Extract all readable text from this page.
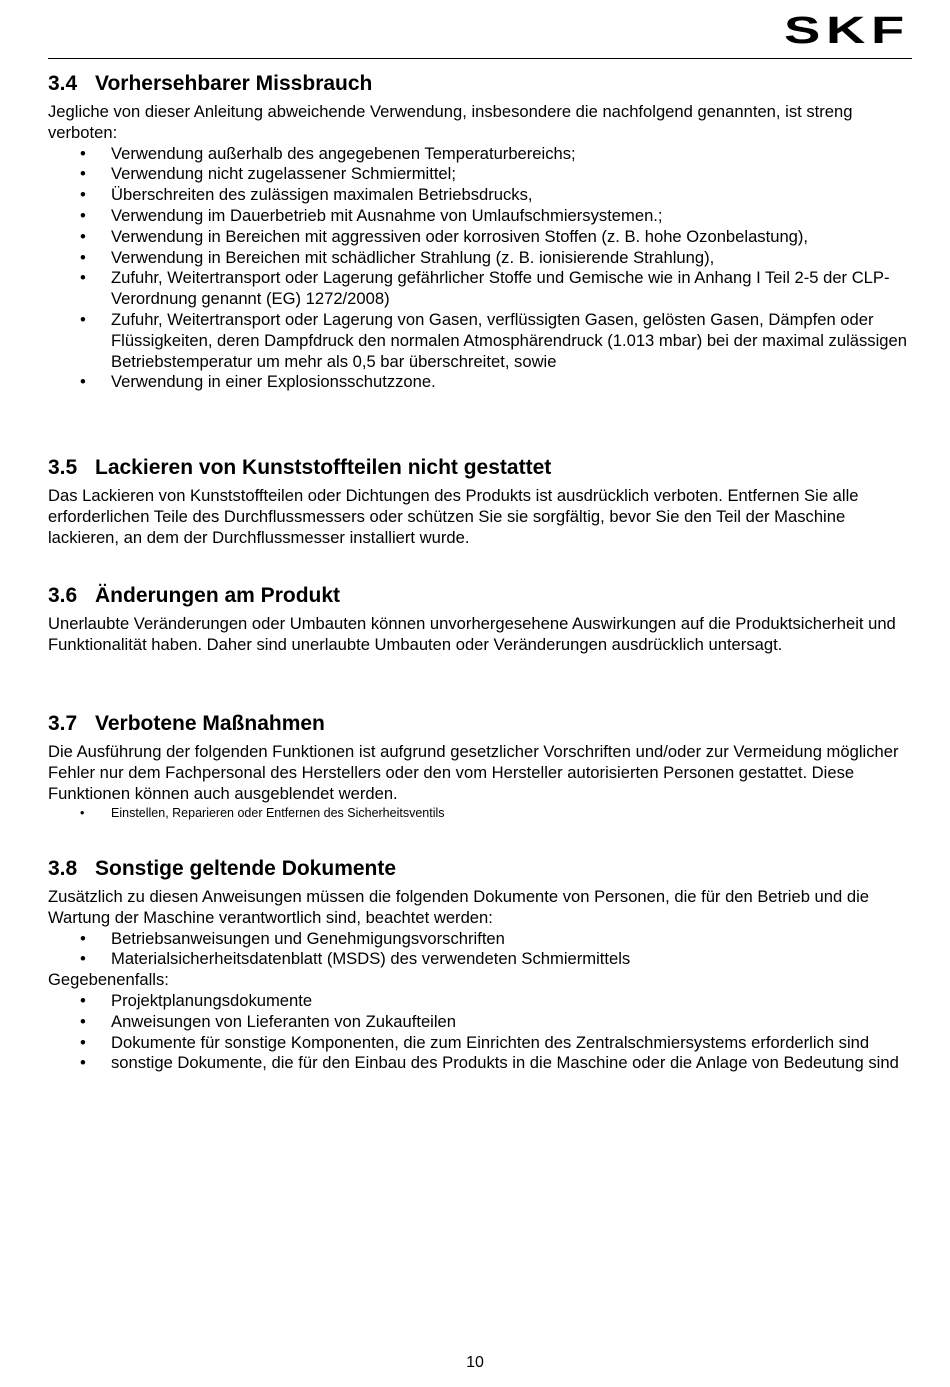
SKF
3.4 Vorhersehbarer Missbrauch

Jegliche von dieser Anleitung abweichende Verwendung, insbesondere die nachfolgend genannten, ist streng verboten:

• Verwendung außerhalb des angegebenen Temperaturbereichs;
• Verwendung nicht zugelassener Schmiermittel;
• Überschreiten des zulässigen maximalen Betriebsdrucks,
• Verwendung im Dauerbetrieb mit Ausnahme von Umlaufschmiersystemen.;
• Verwendung in Bereichen mit aggressiven oder korrosiven Stoffen (z. B. hohe Ozonbelastung),
• Verwendung in Bereichen mit schädlicher Strahlung (z. B. ionisierende Strahlung),
• Zufuhr, Weitertransport oder Lagerung gefährlicher Stoffe und Gemische wie in Anhang I Teil 2-5 der CLP-Verordnung genannt (EG) 1272/2008)
• Zufuhr, Weitertransport oder Lagerung von Gasen, verflüssigten Gasen, gelösten Gasen, Dämpfen oder Flüssigkeiten, deren Dampfdruck den normalen Atmosphärendruck (1.013 mbar) bei der maximal zulässigen Betriebstemperatur um mehr als 0,5 bar überschreitet, sowie
• Verwendung in einer Explosionsschutzzone.
3.5 Lackieren von Kunststoffteilen nicht gestattet

Das Lackieren von Kunststoffteilen oder Dichtungen des Produkts ist ausdrücklich verboten. Entfernen Sie alle erforderlichen Teile des Durchflussmessers oder schützen Sie sie sorgfältig, bevor Sie den Teil der Maschine lackieren, an dem der Durchflussmesser installiert wurde.

3.6 Änderungen am Produkt

Unerlaubte Veränderungen oder Umbauten können unvorhergesehene Auswirkungen auf die Produktsicherheit und Funktionalität haben. Daher sind unerlaubte Umbauten oder Veränderungen ausdrücklich untersagt.

3.7 Verbotene Maßnahmen

Die Ausführung der folgenden Funktionen ist aufgrund gesetzlicher Vorschriften und/oder zur Vermeidung möglicher Fehler nur dem Fachpersonal des Herstellers oder den vom Hersteller autorisierten Personen gestattet. Diese Funktionen können auch ausgeblendet werden.

• Einstellen, Reparieren oder Entfernen des Sicherheitsventils
3.8 Sonstige geltende Dokumente

Zusätzlich zu diesen Anweisungen müssen die folgenden Dokumente von Personen, die für den Betrieb und die Wartung der Maschine verantwortlich sind, beachtet werden:

• Betriebsanweisungen und Genehmigungsvorschriften
• Materialsicherheitsdatenblatt (MSDS) des verwendeten Schmiermittels

Gegebenenfalls:

• Projektplanungsdokumente
• Anweisungen von Lieferanten von Zukaufteilen
• Dokumente für sonstige Komponenten, die zum Einrichten des Zentralschmiersystems erforderlich sind
• sonstige Dokumente, die für den Einbau des Produkts in die Maschine oder die Anlage von Bedeutung sind
10
